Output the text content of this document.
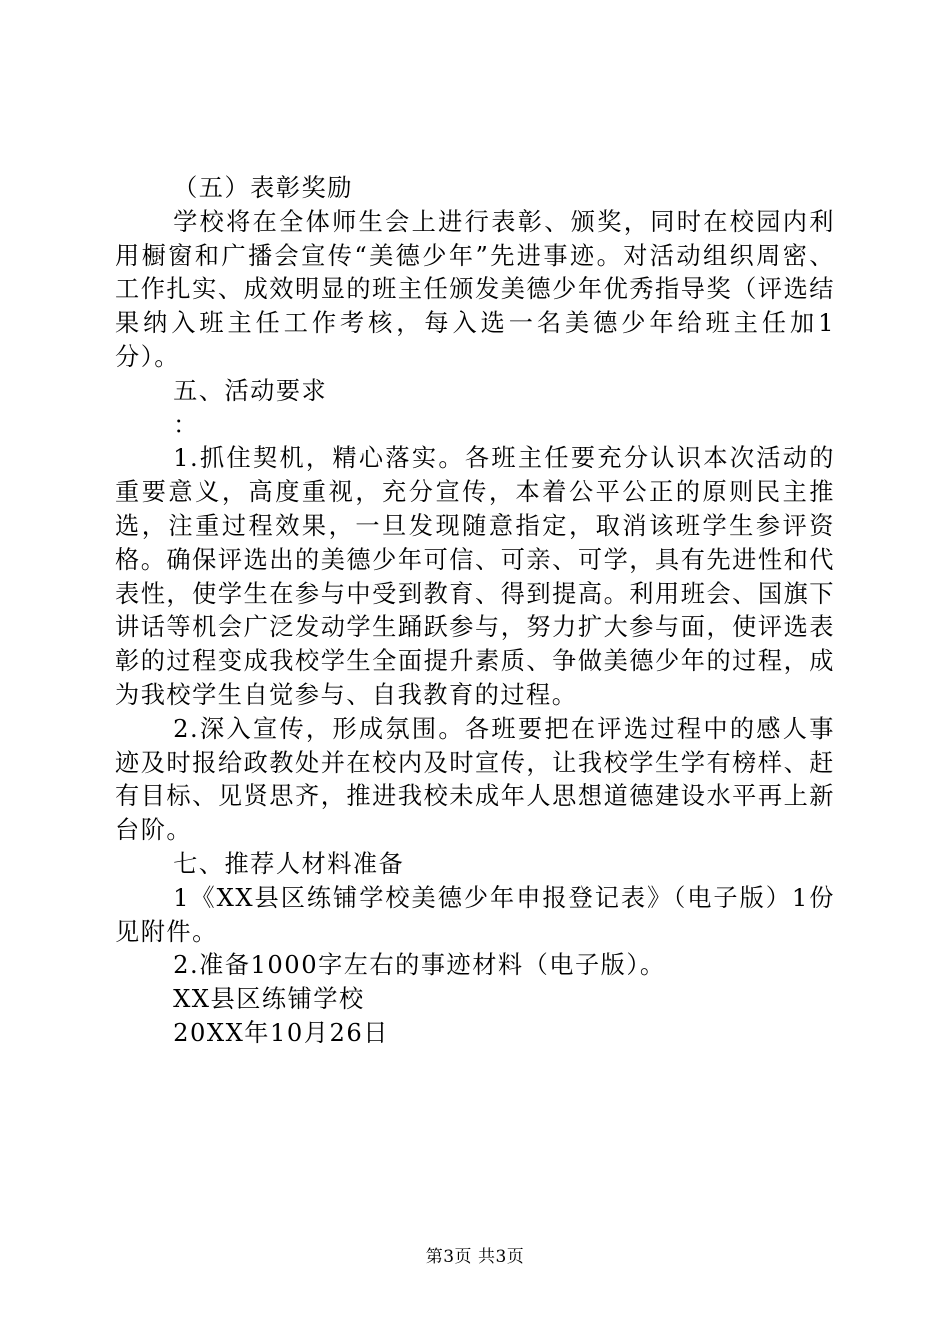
（五）表彰奖励

学校将在全体师生会上进行表彰、颁奖，同时在校园内利用橱窗和广播会宣传“美德少年”先进事迹。对活动组织周密、工作扎实、成效明显的班主任颁发美德少年优秀指导奖（评选结果纳入班主任工作考核，每入选一名美德少年给班主任加1分）。

五、活动要求

：

1.抓住契机，精心落实。各班主任要充分认识本次活动的重要意义，高度重视，充分宣传，本着公平公正的原则民主推选，注重过程效果，一旦发现随意指定，取消该班学生参评资格。确保评选出的美德少年可信、可亲、可学，具有先进性和代表性，使学生在参与中受到教育、得到提高。利用班会、国旗下讲话等机会广泛发动学生踊跃参与，努力扩大参与面，使评选表彰的过程变成我校学生全面提升素质、争做美德少年的过程，成为我校学生自觉参与、自我教育的过程。

2.深入宣传，形成氛围。各班要把在评选过程中的感人事迹及时报给政教处并在校内及时宣传，让我校学生学有榜样、赶有目标、见贤思齐，推进我校未成年人思想道德建设水平再上新台阶。

七、推荐人材料准备

1《XX县区练铺学校美德少年申报登记表》（电子版）1份见附件。

2.准备1000字左右的事迹材料（电子版）。

XX县区练铺学校

20XX年10月26日

第3页 共3页
